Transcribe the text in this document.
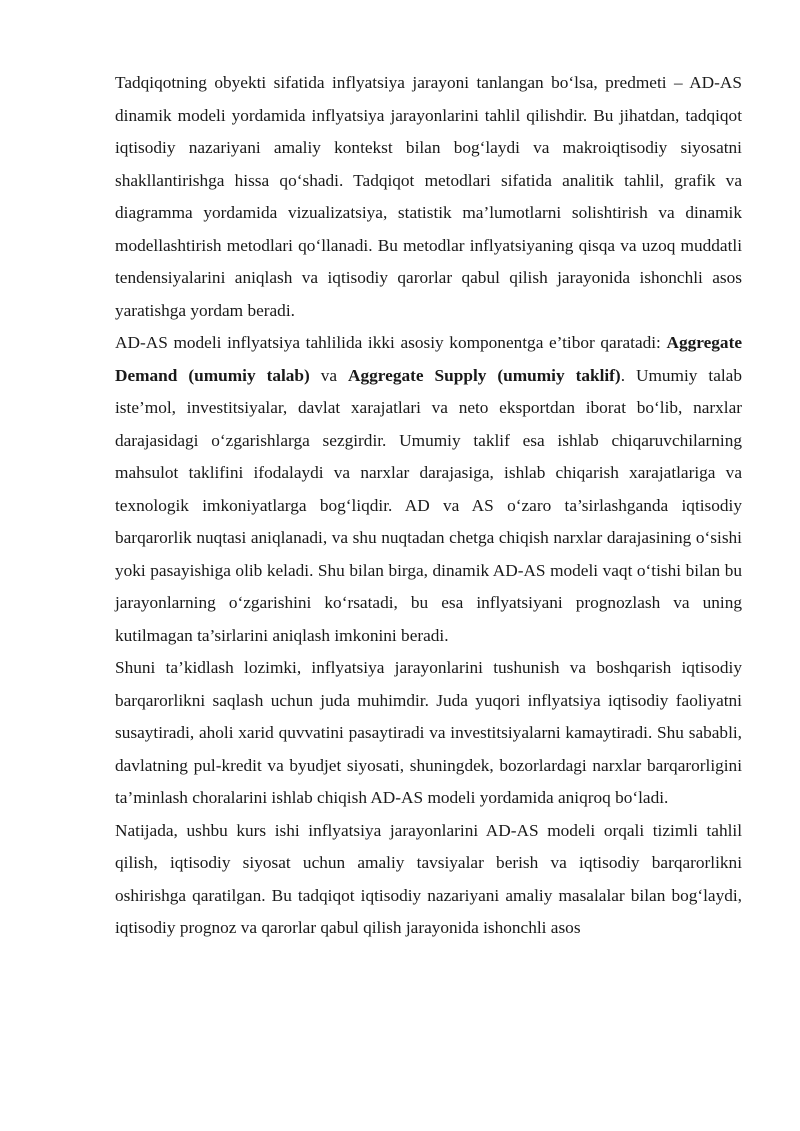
Tadqiqotning obyekti sifatida inflyatsiya jarayoni tanlangan bo‘lsa, predmeti – AD-AS dinamik modeli yordamida inflyatsiya jarayonlarini tahlil qilishdir. Bu jihatdan, tadqiqot iqtisodiy nazariyani amaliy kontekst bilan bog‘laydi va makroiqtisodiy siyosatni shakllantirishga hissa qo‘shadi. Tadqiqot metodlari sifatida analitik tahlil, grafik va diagramma yordamida vizualizatsiya, statistik ma’lumotlarni solishtirish va dinamik modellashtirish metodlari qo‘llanadi. Bu metodlar inflyatsiyaning qisqa va uzoq muddatli tendensiyalarini aniqlash va iqtisodiy qarorlar qabul qilish jarayonida ishonchli asos yaratishga yordam beradi.

AD-AS modeli inflyatsiya tahlilida ikki asosiy komponentga e’tibor qaratadi: Aggregate Demand (umumiy talab) va Aggregate Supply (umumiy taklif). Umumiy talab iste’mol, investitsiyalar, davlat xarajatlari va neto eksportdan iborat bo‘lib, narxlar darajasidagi o‘zgarishlarga sezgirdir. Umumiy taklif esa ishlab chiqaruvchilarning mahsulot taklifini ifodalaydi va narxlar darajasiga, ishlab chiqarish xarajatlariga va texnologik imkoniyatlarga bog‘liqdir. AD va AS o‘zaro ta’sirlashganda iqtisodiy barqarorlik nuqtasi aniqlanadi, va shu nuqtadan chetga chiqish narxlar darajasining o‘sishi yoki pasayishiga olib keladi. Shu bilan birga, dinamik AD-AS modeli vaqt o‘tishi bilan bu jarayonlarning o‘zgarishini ko‘rsatadi, bu esa inflyatsiyani prognozlash va uning kutilmagan ta’sirlarini aniqlash imkonini beradi.

Shuni ta’kidlash lozimki, inflyatsiya jarayonlarini tushunish va boshqarish iqtisodiy barqarorlikni saqlash uchun juda muhimdir. Juda yuqori inflyatsiya iqtisodiy faoliyatni susaytiradi, aholi xarid quvvatini pasaytiradi va investitsiyalarni kamaytiradi. Shu sababli, davlatning pul-kredit va byudjet siyosati, shuningdek, bozorlardagi narxlar barqarorligini ta’minlash choralarini ishlab chiqish AD-AS modeli yordamida aniqroq bo‘ladi.

Natijada, ushbu kurs ishi inflyatsiya jarayonlarini AD-AS modeli orqali tizimli tahlil qilish, iqtisodiy siyosat uchun amaliy tavsiyalar berish va iqtisodiy barqarorlikni oshirishga qaratilgan. Bu tadqiqot iqtisodiy nazariyani amaliy masalalar bilan bog‘laydi, iqtisodiy prognoz va qarorlar qabul qilish jarayonida ishonchli asos
